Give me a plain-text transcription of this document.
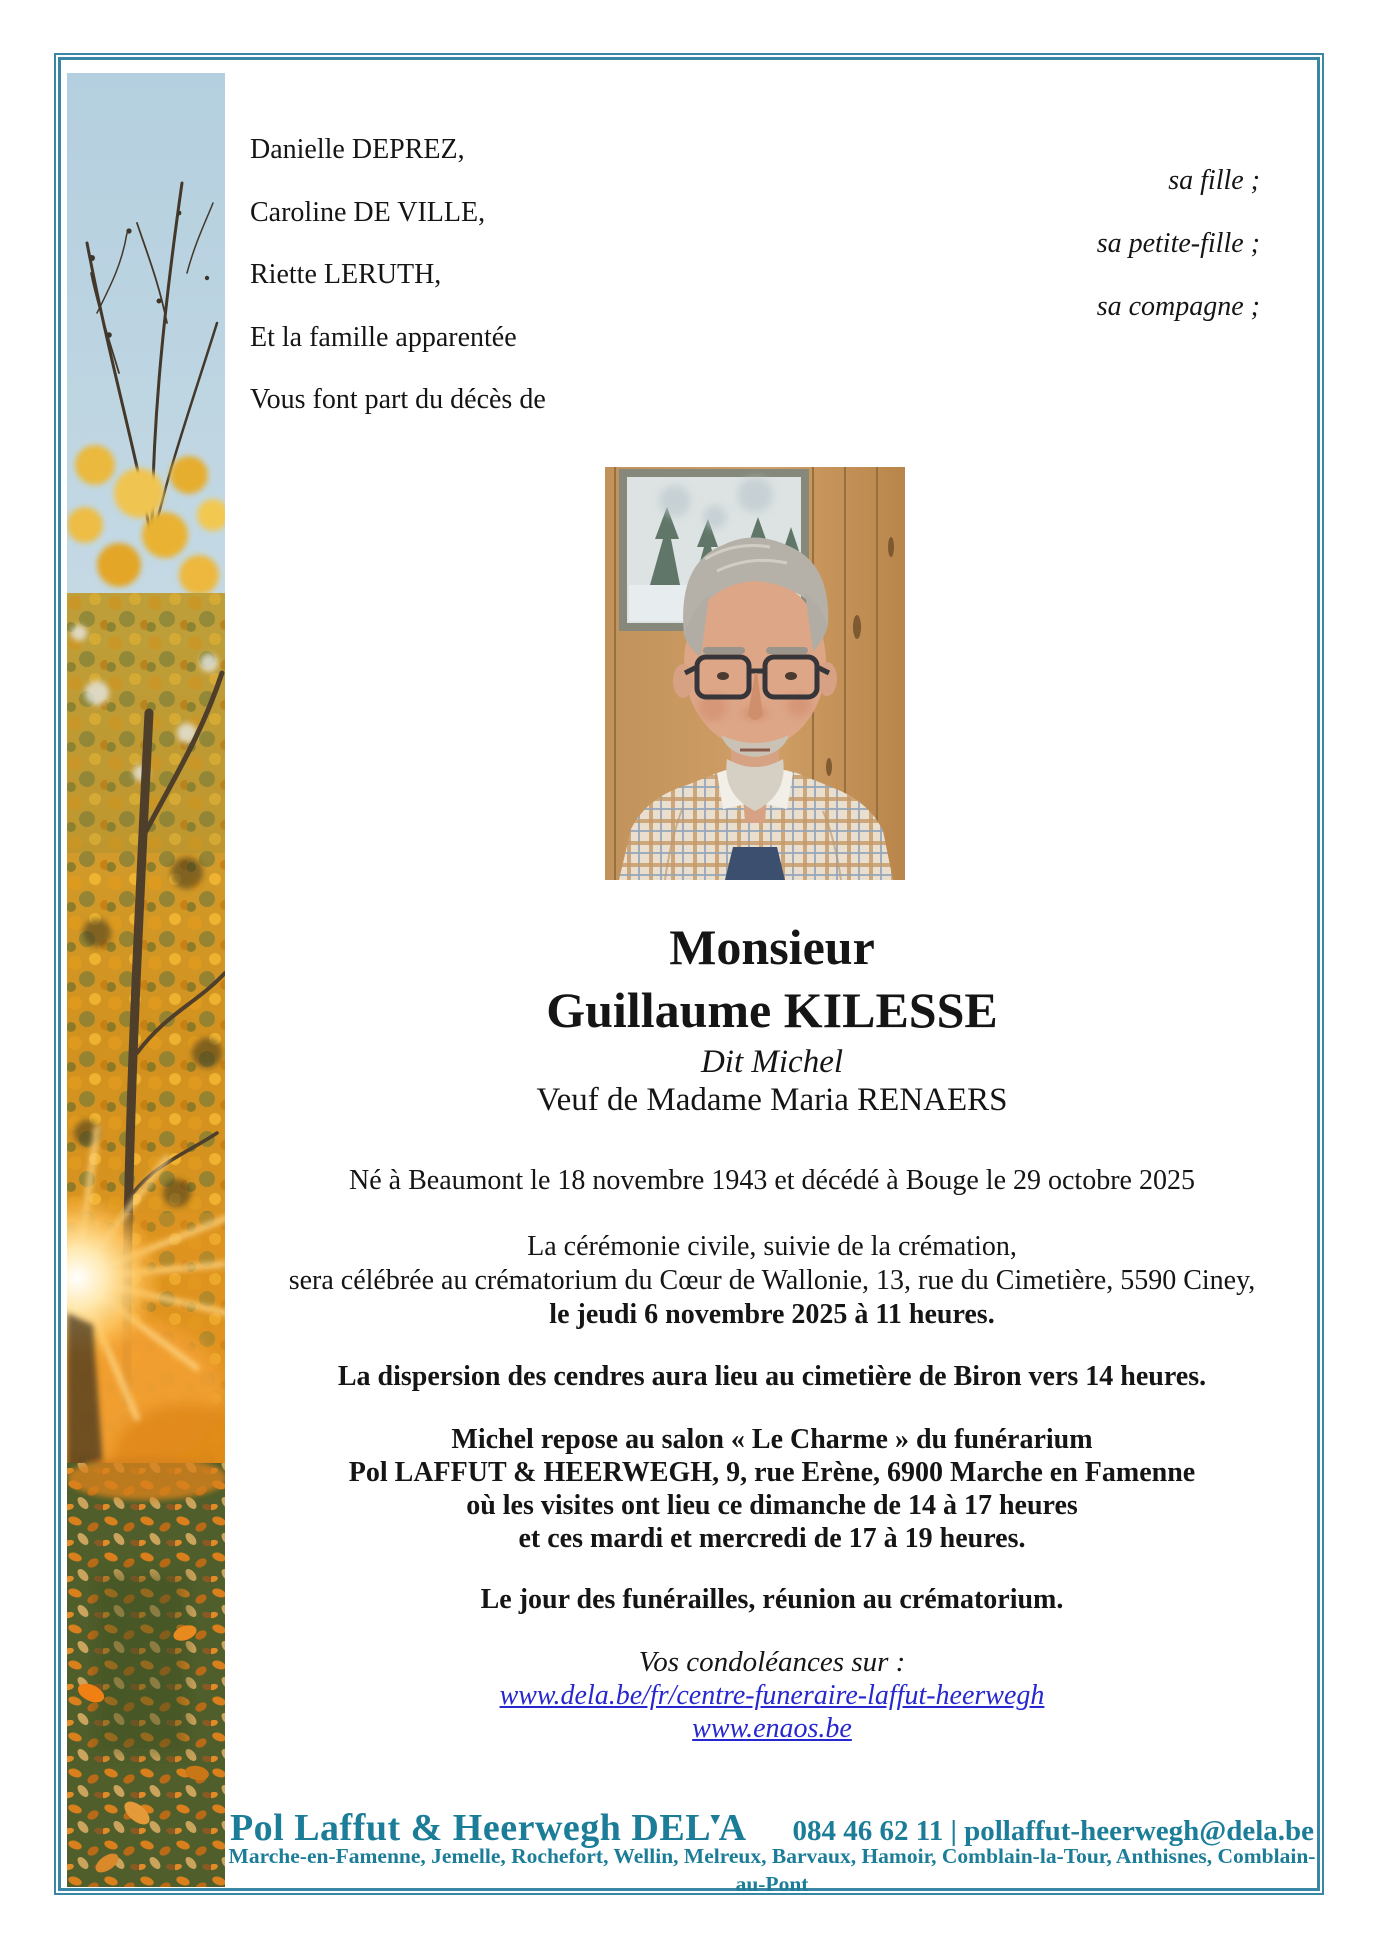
Danielle DEPREZ,
Caroline DE VILLE,
Riette LERUTH,
Et la famille apparentée
Vous font part du décès de
sa fille ;
sa petite-fille ;
sa compagne ;
Monsieur
Guillaume KILESSE
Dit Michel
Veuf de Madame Maria RENAERS
Né à Beaumont le 18 novembre 1943 et décédé à Bouge le 29 octobre 2025
La cérémonie civile, suivie de la crémation,
sera célébrée au crématorium du Cœur de Wallonie, 13, rue du Cimetière, 5590 Ciney,
le jeudi 6 novembre 2025 à 11 heures.
La dispersion des cendres aura lieu au cimetière de Biron vers 14 heures.
Michel repose au salon « Le Charme » du funérarium
Pol LAFFUT & HEERWEGH, 9, rue Erène, 6900 Marche en Famenne
où les visites ont lieu ce dimanche de 14 à 17 heures
et ces mardi et mercredi de 17 à 19 heures.
Le jour des funérailles, réunion au crématorium.
Vos condoléances sur :
www.dela.be/fr/centre-funeraire-laffut-heerwegh
www.enaos.be
Pol Laffut & Heerwegh DEL▾A 084 46 62 11 | pollaffut-heerwegh@dela.be
Marche-en-Famenne, Jemelle, Rochefort, Wellin, Melreux, Barvaux, Hamoir, Comblain-la-Tour, Anthisnes, Comblain-au-Pont
